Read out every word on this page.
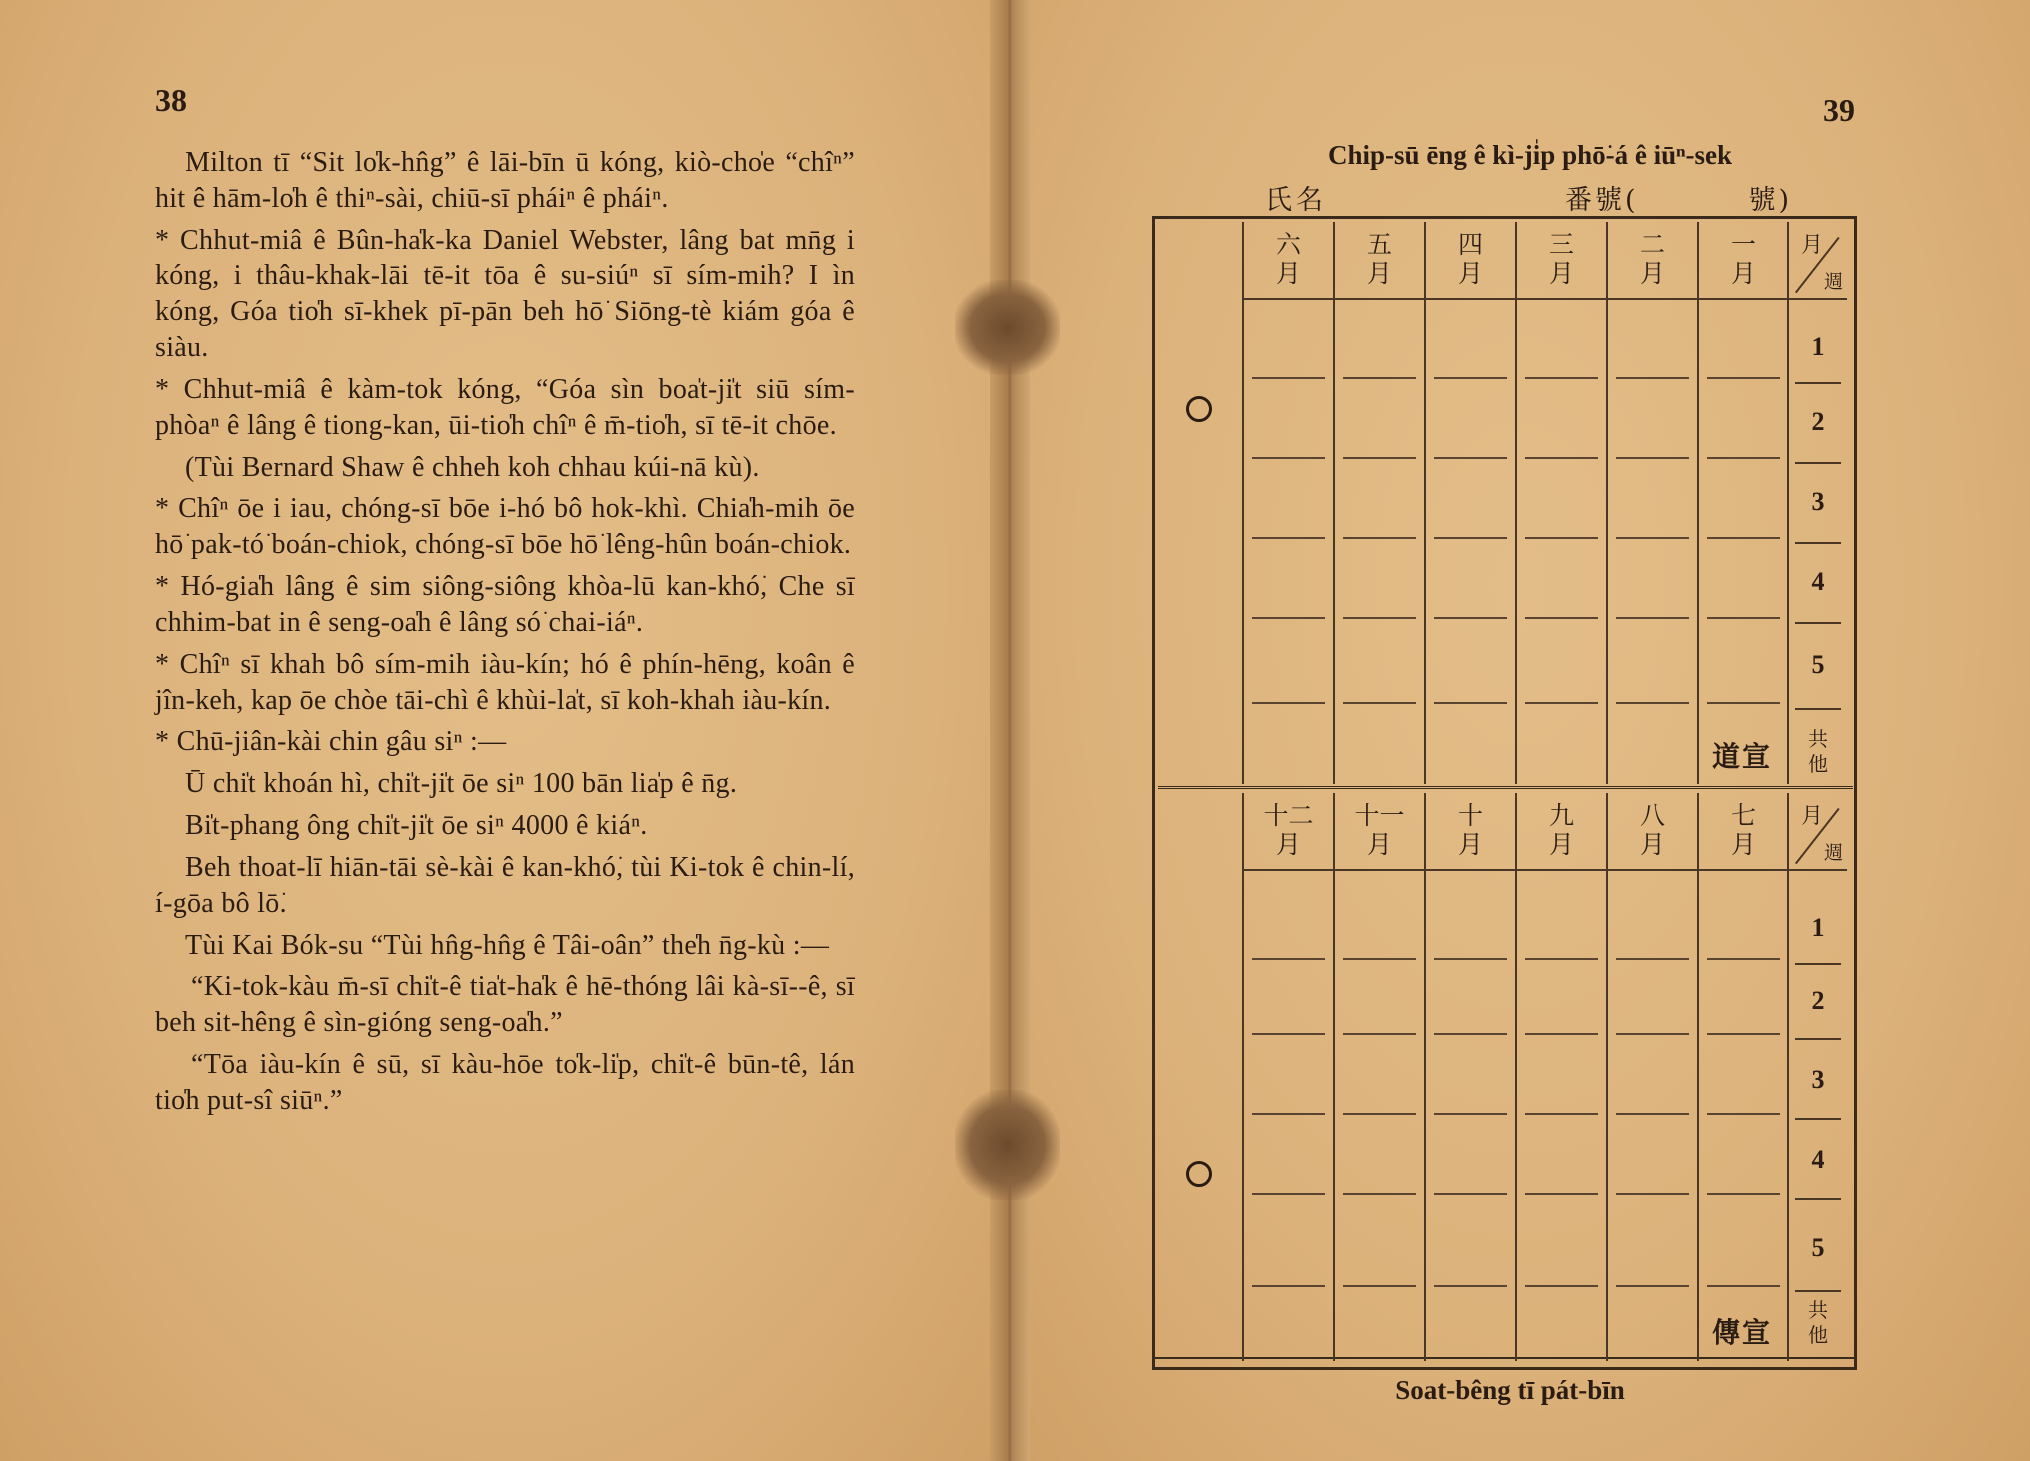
38

Milton tī “Sit lo̍k-hn̂g” ê lāi-bīn ū kóng, kiò-cho̍e “chîⁿ” hit ê hām-lo̍h ê thiⁿ-sài, chiū-sī pháiⁿ ê pháiⁿ.

* Chhut-miâ ê Bûn-ha̍k-ka Daniel Webster, lâng bat mn̄g i kóng, i thâu-khak-lāi tē-it tōa ê su-siúⁿ sī sím-mih? I ìn kóng, Góa tio̍h sī-khek pī-pān beh hō͘ Siōng-tè kiám góa ê siàu.

* Chhut-miâ ê kàm-tok kóng, “Góa sìn boa̍t-ji̍t siū sím-phòaⁿ ê lâng ê tiong-kan, ūi-tio̍h chîⁿ ê m̄-tio̍h, sī tē-it chōe.

(Tùi Bernard Shaw ê chheh koh chhau kúi-nā kù).

* Chîⁿ ōe i iau, chóng-sī bōe i-hó bô hok-khì. Chia̍h-mih ōe hō͘ pak-tó͘ boán-chiok, chóng-sī bōe hō͘ lêng-hûn boán-chiok.

* Hó-gia̍h lâng ê sim siông-siông khòa-lū kan-khó͘, Che sī chhim-bat in ê seng-oa̍h ê lâng só͘ chai-iáⁿ.

* Chîⁿ sī khah bô sím-mih iàu-kín; hó ê phín-hēng, koân ê jîn-keh, kap ōe chòe tāi-chì ê khùi-la̍t, sī koh-khah iàu-kín.

* Chū-jiân-kài chin gâu siⁿ :—

Ū chi̍t khoán hì, chi̍t-ji̍t ōe siⁿ 100 bān lia̍p ê n̄g.

Bi̍t-phang ông chi̍t-ji̍t ōe siⁿ 4000 ê kiáⁿ.

Beh thoat-lī hiān-tāi sè-kài ê kan-khó͘, tùi Ki-tok ê chin-lí, í-gōa bô lō͘.

Tùi Kai Bók-su “Tùi hn̂g-hn̂g ê Tâi-oân” the̍h n̄g-kù :—

“Ki-tok-kàu m̄-sī chi̍t-ê tia̍t-ha̍k ê hē-thóng lâi kà-sī--ê, sī beh sit-hêng ê sìn-gióng seng-oa̍h.”

“Tōa iàu-kín ê sū, sī kàu-hōe to̍k-li̍p, chi̍t-ê būn-tê, lán tio̍h put-sî siūⁿ.”

39
Chip-sū ēng ê kì-ji̍p phō͘-á ê iūⁿ-sek
氏名	番號(	號)
月
週
1
2
3
4
5
共
他
道宣
六
月
五
月
四
月
三
月
二
月
一
月
月
週
1
2
3
4
5
共
他
傳宣
十二
月
十一
月
十
月
九
月
八
月
七
月
Soat-bêng tī pát-bīn
